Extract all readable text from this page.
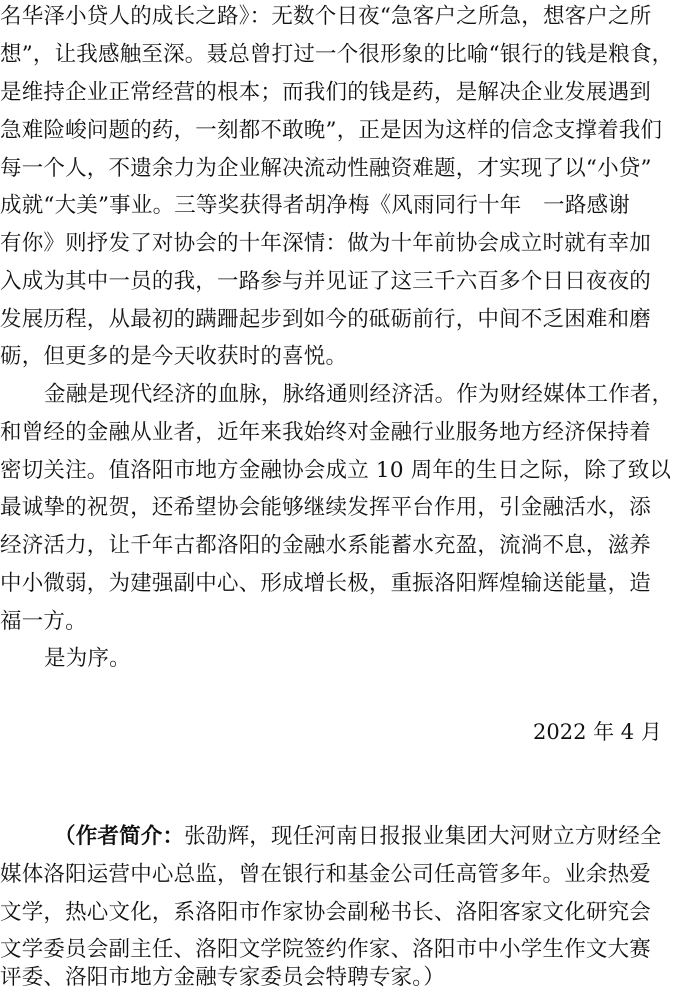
名华泽小贷人的成长之路》：无数个日夜“急客户之所急，想客户之所
想”，让我感触至深。聂总曾打过一个很形象的比喻“银行的钱是粮食，
是维持企业正常经营的根本；而我们的钱是药，是解决企业发展遇到
急难险峻问题的药，一刻都不敢晚”，正是因为这样的信念支撑着我们
每一个人，不遗余力为企业解决流动性融资难题，才实现了以“小贷”
成就“大美”事业。三等奖获得者胡净梅《风雨同行十年　一路感谢
有你》则抒发了对协会的十年深情：做为十年前协会成立时就有幸加
入成为其中一员的我，一路参与并见证了这三千六百多个日日夜夜的
发展历程，从最初的蹒跚起步到如今的砥砺前行，中间不乏困难和磨
砺，但更多的是今天收获时的喜悦。
金融是现代经济的血脉，脉络通则经济活。作为财经媒体工作者，
和曾经的金融从业者，近年来我始终对金融行业服务地方经济保持着
密切关注。值洛阳市地方金融协会成立 10 周年的生日之际，除了致以
最诚挚的祝贺，还希望协会能够继续发挥平台作用，引金融活水，添
经济活力，让千年古都洛阳的金融水系能蓄水充盈，流淌不息，滋养
中小微弱，为建强副中心、形成增长极，重振洛阳辉煌输送能量，造
福一方。
是为序。
2022 年 4 月
（作者简介：张劭辉，现任河南日报报业集团大河财立方财经全
媒体洛阳运营中心总监，曾在银行和基金公司任高管多年。业余热爱
文学，热心文化，系洛阳市作家协会副秘书长、洛阳客家文化研究会
文学委员会副主任、洛阳文学院签约作家、洛阳市中小学生作文大赛
评委、洛阳市地方金融专家委员会特聘专家。）
